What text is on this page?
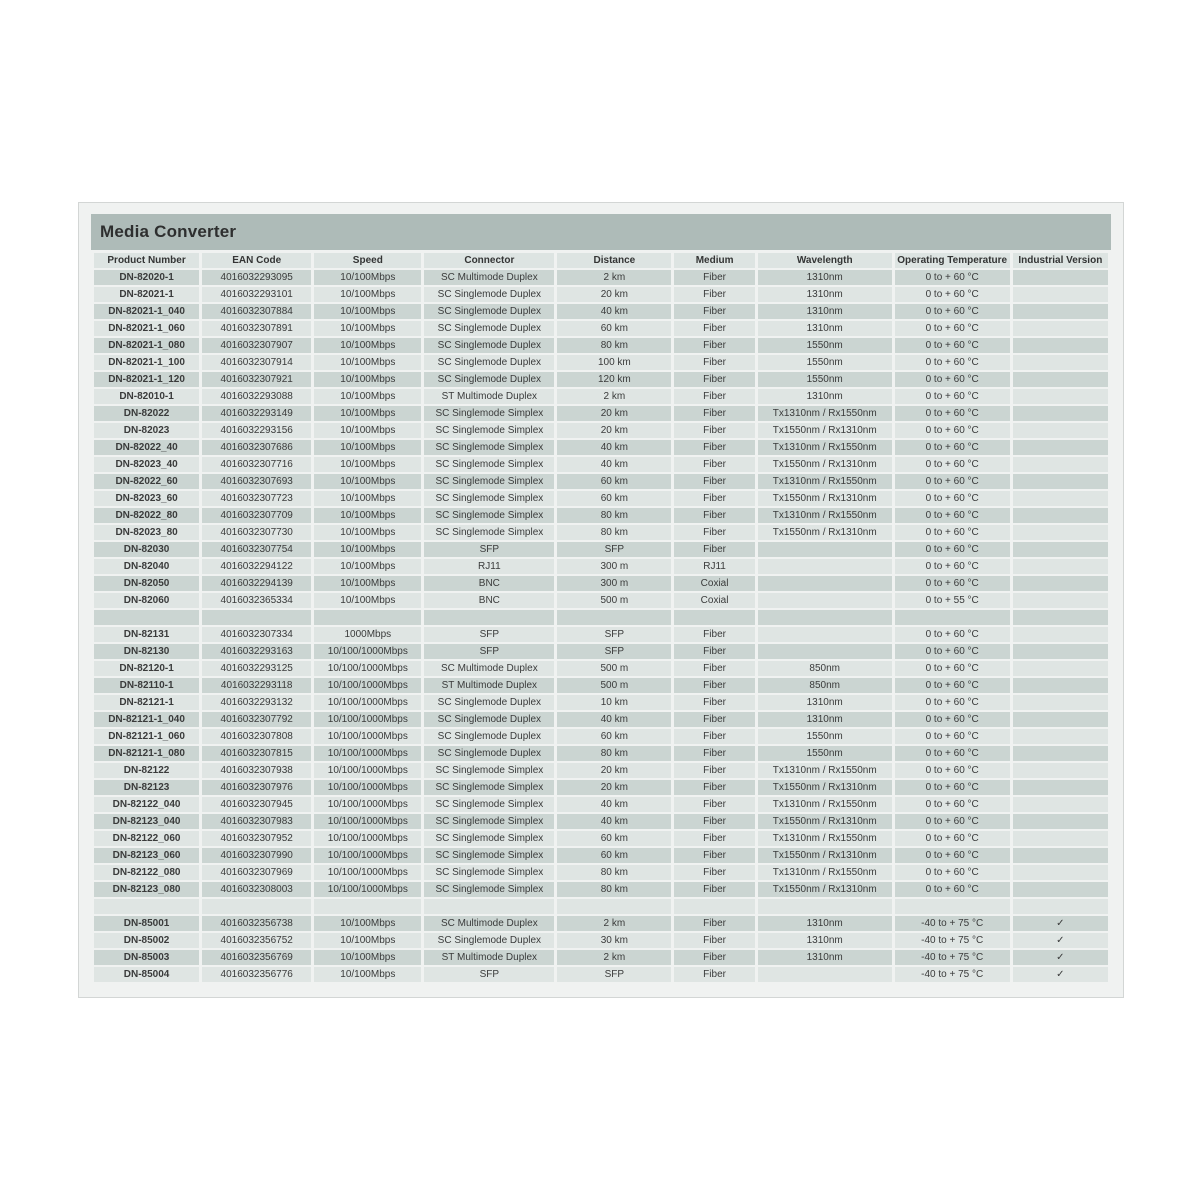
Media Converter
Product Number	EAN Code	Speed	Connector	Distance	Medium	Wavelength	Operating Temperature	Industrial Version
DN-82020-1	4016032293095	10/100Mbps	SC Multimode Duplex	2 km	Fiber	1310nm	0 to + 60 °C	
DN-82021-1	4016032293101	10/100Mbps	SC Singlemode Duplex	20 km	Fiber	1310nm	0 to + 60 °C	
DN-82021-1_040	4016032307884	10/100Mbps	SC Singlemode Duplex	40 km	Fiber	1310nm	0 to + 60 °C	
DN-82021-1_060	4016032307891	10/100Mbps	SC Singlemode Duplex	60 km	Fiber	1310nm	0 to + 60 °C	
DN-82021-1_080	4016032307907	10/100Mbps	SC Singlemode Duplex	80 km	Fiber	1550nm	0 to + 60 °C	
DN-82021-1_100	4016032307914	10/100Mbps	SC Singlemode Duplex	100 km	Fiber	1550nm	0 to + 60 °C	
DN-82021-1_120	4016032307921	10/100Mbps	SC Singlemode Duplex	120 km	Fiber	1550nm	0 to + 60 °C	
DN-82010-1	4016032293088	10/100Mbps	ST Multimode Duplex	2 km	Fiber	1310nm	0 to + 60 °C	
DN-82022	4016032293149	10/100Mbps	SC Singlemode Simplex	20 km	Fiber	Tx1310nm / Rx1550nm	0 to + 60 °C	
DN-82023	4016032293156	10/100Mbps	SC Singlemode Simplex	20 km	Fiber	Tx1550nm / Rx1310nm	0 to + 60 °C	
DN-82022_40	4016032307686	10/100Mbps	SC Singlemode Simplex	40 km	Fiber	Tx1310nm / Rx1550nm	0 to + 60 °C	
DN-82023_40	4016032307716	10/100Mbps	SC Singlemode Simplex	40 km	Fiber	Tx1550nm / Rx1310nm	0 to + 60 °C	
DN-82022_60	4016032307693	10/100Mbps	SC Singlemode Simplex	60 km	Fiber	Tx1310nm / Rx1550nm	0 to + 60 °C	
DN-82023_60	4016032307723	10/100Mbps	SC Singlemode Simplex	60 km	Fiber	Tx1550nm / Rx1310nm	0 to + 60 °C	
DN-82022_80	4016032307709	10/100Mbps	SC Singlemode Simplex	80 km	Fiber	Tx1310nm / Rx1550nm	0 to + 60 °C	
DN-82023_80	4016032307730	10/100Mbps	SC Singlemode Simplex	80 km	Fiber	Tx1550nm / Rx1310nm	0 to + 60 °C	
DN-82030	4016032307754	10/100Mbps	SFP	SFP	Fiber		0 to + 60 °C	
DN-82040	4016032294122	10/100Mbps	RJ11	300 m	RJ11		0 to + 60 °C	
DN-82050	4016032294139	10/100Mbps	BNC	300 m	Coxial		0 to + 60 °C	
DN-82060	4016032365334	10/100Mbps	BNC	500 m	Coxial		0 to + 55 °C	

DN-82131	4016032307334	1000Mbps	SFP	SFP	Fiber		0 to + 60 °C	
DN-82130	4016032293163	10/100/1000Mbps	SFP	SFP	Fiber		0 to + 60 °C	
DN-82120-1	4016032293125	10/100/1000Mbps	SC Multimode Duplex	500 m	Fiber	850nm	0 to + 60 °C	
DN-82110-1	4016032293118	10/100/1000Mbps	ST Multimode Duplex	500 m	Fiber	850nm	0 to + 60 °C	
DN-82121-1	4016032293132	10/100/1000Mbps	SC Singlemode Duplex	10 km	Fiber	1310nm	0 to + 60 °C	
DN-82121-1_040	4016032307792	10/100/1000Mbps	SC Singlemode Duplex	40 km	Fiber	1310nm	0 to + 60 °C	
DN-82121-1_060	4016032307808	10/100/1000Mbps	SC Singlemode Duplex	60 km	Fiber	1550nm	0 to + 60 °C	
DN-82121-1_080	4016032307815	10/100/1000Mbps	SC Singlemode Duplex	80 km	Fiber	1550nm	0 to + 60 °C	
DN-82122	4016032307938	10/100/1000Mbps	SC Singlemode Simplex	20 km	Fiber	Tx1310nm / Rx1550nm	0 to + 60 °C	
DN-82123	4016032307976	10/100/1000Mbps	SC Singlemode Simplex	20 km	Fiber	Tx1550nm / Rx1310nm	0 to + 60 °C	
DN-82122_040	4016032307945	10/100/1000Mbps	SC Singlemode Simplex	40 km	Fiber	Tx1310nm / Rx1550nm	0 to + 60 °C	
DN-82123_040	4016032307983	10/100/1000Mbps	SC Singlemode Simplex	40 km	Fiber	Tx1550nm / Rx1310nm	0 to + 60 °C	
DN-82122_060	4016032307952	10/100/1000Mbps	SC Singlemode Simplex	60 km	Fiber	Tx1310nm / Rx1550nm	0 to + 60 °C	
DN-82123_060	4016032307990	10/100/1000Mbps	SC Singlemode Simplex	60 km	Fiber	Tx1550nm / Rx1310nm	0 to + 60 °C	
DN-82122_080	4016032307969	10/100/1000Mbps	SC Singlemode Simplex	80 km	Fiber	Tx1310nm / Rx1550nm	0 to + 60 °C	
DN-82123_080	4016032308003	10/100/1000Mbps	SC Singlemode Simplex	80 km	Fiber	Tx1550nm / Rx1310nm	0 to + 60 °C	

DN-85001	4016032356738	10/100Mbps	SC Multimode Duplex	2 km	Fiber	1310nm	-40 to + 75 °C	✓
DN-85002	4016032356752	10/100Mbps	SC Singlemode Duplex	30 km	Fiber	1310nm	-40 to + 75 °C	✓
DN-85003	4016032356769	10/100Mbps	ST Multimode Duplex	2 km	Fiber	1310nm	-40 to + 75 °C	✓
DN-85004	4016032356776	10/100Mbps	SFP	SFP	Fiber		-40 to + 75 °C	✓
